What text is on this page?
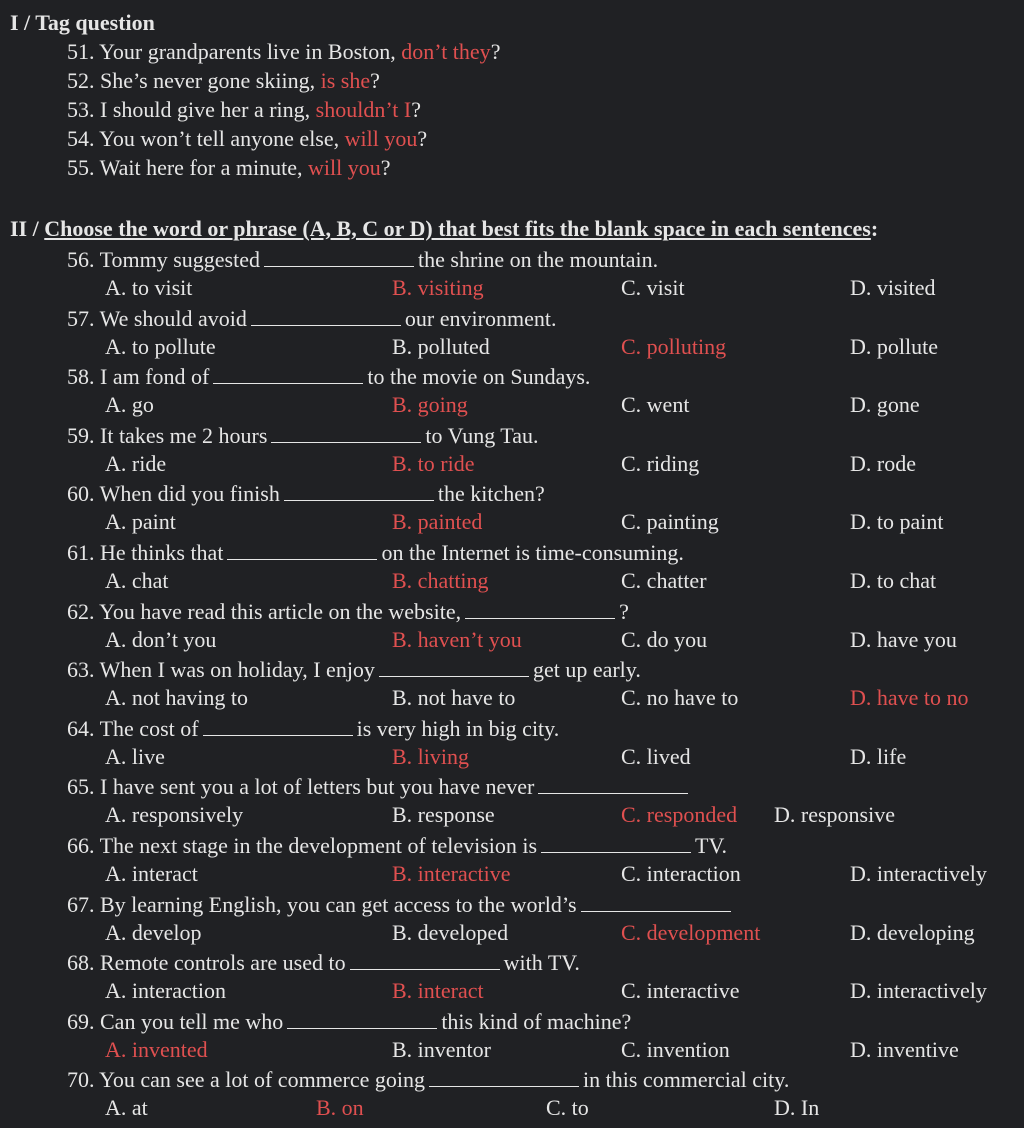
I / Tag question
51. Your grandparents live in Boston, don’t they?
52. She’s never gone skiing, is she?
53. I should give her a ring, shouldn’t I?
54. You won’t tell anyone else, will you?
55. Wait here for a minute, will you?
II / Choose the word or phrase (A, B, C or D) that best fits the blank space in each sentences:
56. Tommy suggested	the shrine on the mountain.
A. to visit	B. visiting	C. visit	D. visited
57. We should avoid	our environment.
A. to pollute	B. polluted	C. polluting	D. pollute
58. I am fond of	to the movie on Sundays.
A. go	B. going	C. went	D. gone
59. It takes me 2 hours	to Vung Tau.
A. ride	B. to ride	C. riding	D. rode
60. When did you finish	the kitchen?
A. paint	B. painted	C. painting	D. to paint
61. He thinks that	on the Internet is time-consuming.
A. chat	B. chatting	C. chatter	D. to chat
62. You have read this article on the website,	?
A. don’t you	B. haven’t you	C. do you	D. have you
63. When I was on holiday, I enjoy	get up early.
A. not having to	B. not have to	C. no have to	D. have to no
64. The cost of	is very high in big city.
A. live	B. living	C. lived	D. life
65. I have sent you a lot of letters but you have never
A. responsively	B. response	C. responded D. responsive
66. The next stage in the development of television is	TV.
A. interact	B. interactive	C. interaction	D. interactively
67. By learning English, you can get access to the world’s
A. develop	B. developed	C. development	D. developing
68. Remote controls are used to	with TV.
A. interaction	B. interact	C. interactive	D. interactively
69. Can you tell me who	this kind of machine?
A. invented	B. inventor	C. invention	D. inventive
70. You can see a lot of commerce going	in this commercial city.
A. at	B. on	C. to	D. In
